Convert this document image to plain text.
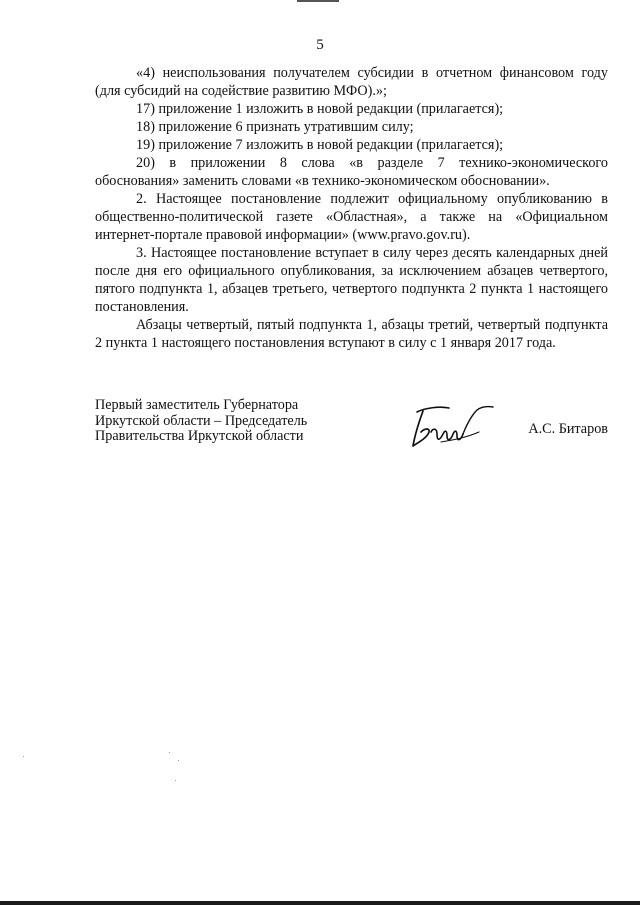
5

«4) неиспользования получателем субсидии в отчетном финансовом году (для субсидий на содействие развитию МФО).»;

17) приложение 1 изложить в новой редакции (прилагается);

18) приложение 6 признать утратившим силу;

19) приложение 7 изложить в новой редакции (прилагается);

20) в приложении 8 слова «в разделе 7 технико-экономического обоснования» заменить словами «в технико-экономическом обосновании».

2. Настоящее постановление подлежит официальному опубликованию в общественно-политической газете «Областная», а также на «Официальном интернет-портале правовой информации» (www.pravo.gov.ru).

3. Настоящее постановление вступает в силу через десять календарных дней после дня его официального опубликования, за исключением абзацев четвертого, пятого подпункта 1, абзацев третьего, четвертого подпункта 2 пункта 1 настоящего постановления.

Абзацы четвертый, пятый подпункта 1, абзацы третий, четвертый подпункта 2 пункта 1 настоящего постановления вступают в силу с 1 января 2017 года.

Первый заместитель Губернатора
Иркутской области – Председатель
Правительства Иркутской области	А.С. Битаров
